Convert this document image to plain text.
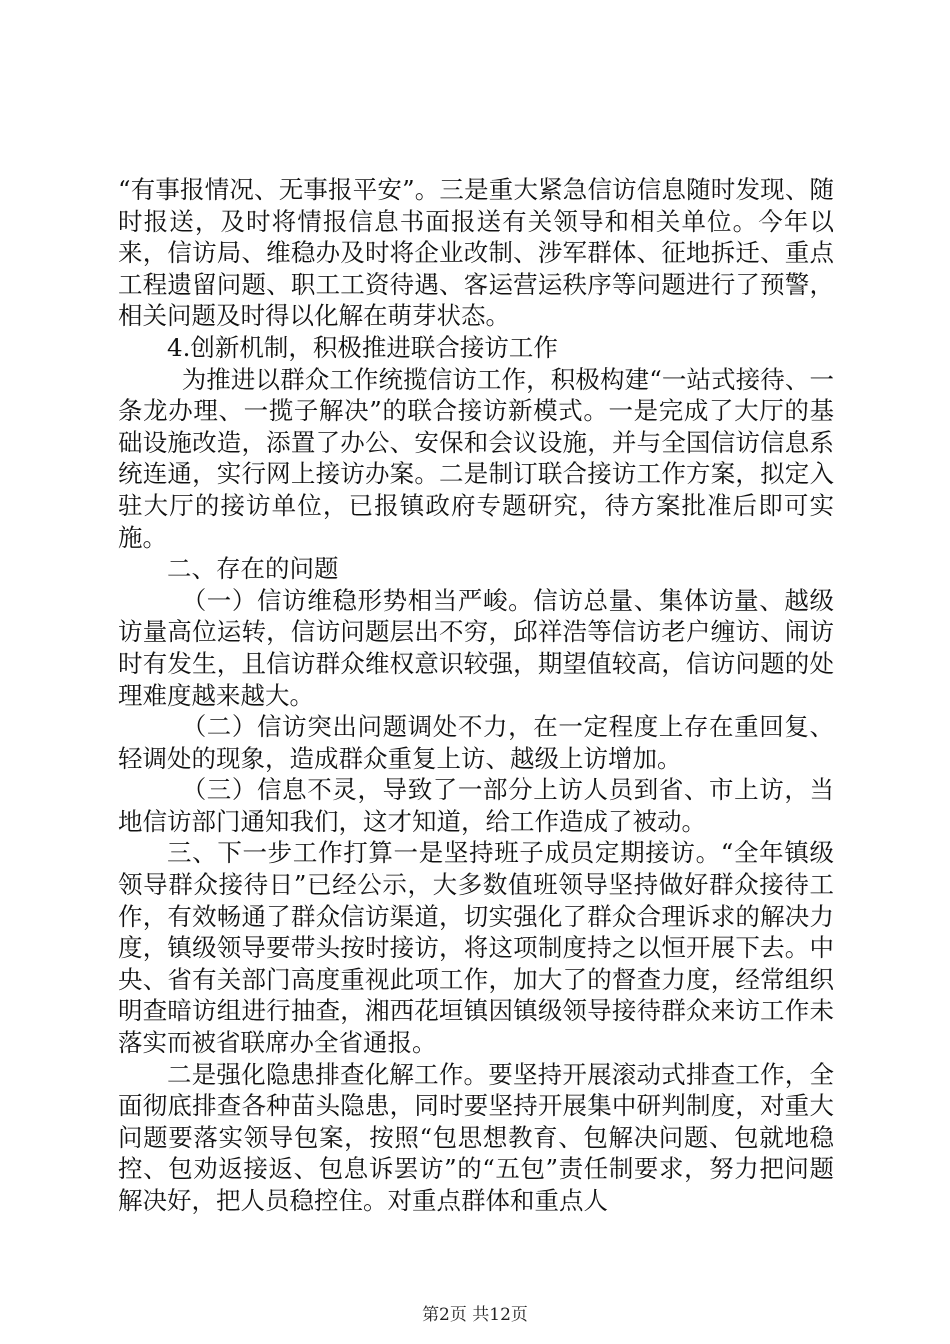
“有事报情况、无事报平安”。三是重大紧急信访信息随时发现、随时报送，及时将情报信息书面报送有关领导和相关单位。今年以来，信访局、维稳办及时将企业改制、涉军群体、征地拆迁、重点工程遗留问题、职工工资待遇、客运营运秩序等问题进行了预警，相关问题及时得以化解在萌芽状态。

4.创新机制，积极推进联合接访工作

为推进以群众工作统揽信访工作，积极构建“一站式接待、一条龙办理、一揽子解决”的联合接访新模式。一是完成了大厅的基础设施改造，添置了办公、安保和会议设施，并与全国信访信息系统连通，实行网上接访办案。二是制订联合接访工作方案，拟定入驻大厅的接访单位，已报镇政府专题研究，待方案批准后即可实施。

二、存在的问题

（一）信访维稳形势相当严峻。信访总量、集体访量、越级访量高位运转，信访问题层出不穷，邱祥浩等信访老户缠访、闹访时有发生，且信访群众维权意识较强，期望值较高，信访问题的处理难度越来越大。

（二）信访突出问题调处不力，在一定程度上存在重回复、轻调处的现象，造成群众重复上访、越级上访增加。

（三）信息不灵，导致了一部分上访人员到省、市上访，当地信访部门通知我们，这才知道，给工作造成了被动。

三、下一步工作打算一是坚持班子成员定期接访。“全年镇级领导群众接待日”已经公示，大多数值班领导坚持做好群众接待工作，有效畅通了群众信访渠道，切实强化了群众合理诉求的解决力度，镇级领导要带头按时接访，将这项制度持之以恒开展下去。中央、省有关部门高度重视此项工作，加大了的督查力度，经常组织明查暗访组进行抽查，湘西花垣镇因镇级领导接待群众来访工作未落实而被省联席办全省通报。

二是强化隐患排查化解工作。要坚持开展滚动式排查工作，全面彻底排查各种苗头隐患，同时要坚持开展集中研判制度，对重大问题要落实领导包案，按照“包思想教育、包解决问题、包就地稳控、包劝返接返、包息诉罢访”的“五包”责任制要求，努力把问题解决好，把人员稳控住。对重点群体和重点人

第2页 共12页
